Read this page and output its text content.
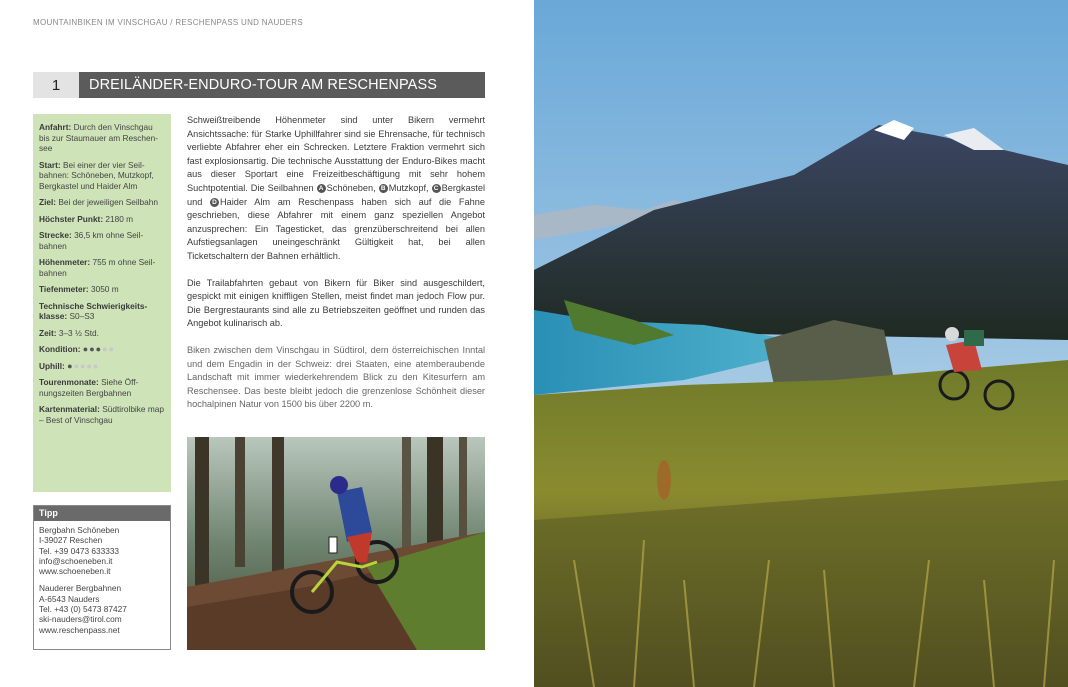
MOUNTAINBIKEN IM VINSCHGAU / RESCHENPASS UND NAUDERS
1	DREILÄNDER-ENDURO-TOUR AM RESCHENPASS
Anfahrt: Durch den Vinschgau bis zur Staumauer am Reschen-see
Start: Bei einer der vier Seil-bahnen: Schöneben, Mutzkopf, Bergkastel und Haider Alm
Ziel: Bei der jeweiligen Seilbahn
Höchster Punkt: 2180 m
Strecke: 36,5 km ohne Seil-bahnen
Höhenmeter: 755 m ohne Seil-bahnen
Tiefenmeter: 3050 m
Technische Schwierigkeits-klasse: S0–S3
Zeit: 3–3 ½ Std.
Kondition: ●●●●●
Uphill: ●●●●●
Tourenmonate: Siehe Öff-nungszeiten Bergbahnen
Kartenmaterial: Südtirolbike map – Best of Vinschgau
Tipp
Bergbahn Schöneben
I-39027 Reschen
Tel. +39 0473 633333
info@schoeneben.it
www.schoeneben.it
Nauderer Bergbahnen
A-6543 Nauders
Tel. +43 (0) 5473 87427
ski-nauders@tirol.com
www.reschenpass.net

Schweißtreibende Höhenmeter sind unter Bikern vermehrt Ansichtssache: für Starke Uphillfahrer sind sie Ehrensache, für technisch verliebte Abfahrer eher ein Schrecken. Letztere Fraktion vermehrt sich fast explosionsartig. Die technische Ausstattung der Enduro-Bikes macht aus dieser Sportart eine Freizeitbeschäftigung mit sehr hohem Suchtpotential. Die Seilbahnen A Schöneben, B Mutzkopf, C Bergkastel und D Haider Alm am Reschenpass haben sich auf die Fahne geschrieben, diese Abfahrer mit einem ganz speziellen Angebot anzusprechen: Ein Tagesticket, das grenzüberschreitend bei allen Aufstiegsanlagen uneingeschränkt Gültigkeit hat, bei allen Ticketschaltern der Bahnen erhältlich.

Die Trailabfahrten gebaut von Bikern für Biker sind ausgeschildert, gespickt mit einigen kniffligen Stellen, meist findet man jedoch Flow pur. Die Bergrestaurants sind alle zu Betriebszeiten geöffnet und runden das Angebot kulinarisch ab.

Biken zwischen dem Vinschgau in Südtirol, dem österreichischen Inntal und dem Engadin in der Schweiz: drei Staaten, eine atemberaubende Landschaft mit immer wiederkehrendem Blick zu den Kitesurfern am Reschensee. Das beste bleibt jedoch die grenzenlose Schönheit dieser hochalpinen Natur von 1500 bis über 2200 m.
